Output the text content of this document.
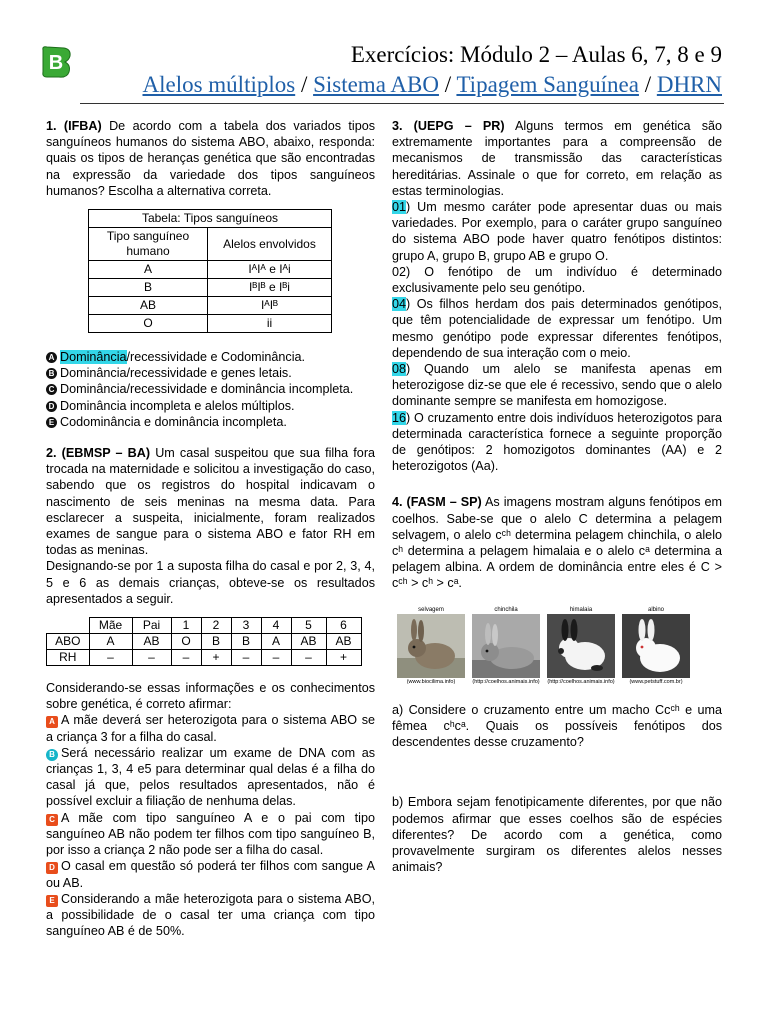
B	Exercícios: Módulo 2 – Aulas 6, 7, 8 e 9
Alelos múltiplos / Sistema ABO / Tipagem Sanguínea / DHRN

1. (IFBA) De acordo com a tabela dos variados tipos sanguíneos humanos do sistema ABO, abaixo, responda: quais os tipos de heranças genética que são encontradas na expressão da variedade dos tipos sanguíneos humanos? Escolha a alternativa correta.

Tabela: Tipos sanguíneos	
Tipo sanguíneo humano	Alelos envolvidos
A	IᴬIᴬ e Iᴬi
B	IᴮIᴮ e Iᴮi
AB	IᴬIᴮ
O	ii

A Dominância/recessividade e Codominância.

B Dominância/recessividade e genes letais.

C Dominância/recessividade e dominância incompleta.

D Dominância incompleta e alelos múltiplos.

E Codominância e dominância incompleta.

2. (EBMSP – BA) Um casal suspeitou que sua filha fora trocada na maternidade e solicitou a investigação do caso, sabendo que os registros do hospital indicavam o nascimento de seis meninas na mesma data. Para esclarecer a suspeita, inicialmente, foram realizados exames de sangue para o sistema ABO e fator RH em todas as meninas.

Designando-se por 1 a suposta filha do casal e por 2, 3, 4, 5 e 6 as demais crianças, obteve-se os resultados apresentados a seguir.

	Mãe	Pai	1	2	3	4	5	6
ABO	A	AB	O	B	B	A	AB	AB
RH	–	–	–	+	–	–	–	+

Considerando-se essas informações e os conhecimentos sobre genética, é correto afirmar:

A A mãe deverá ser heterozigota para o sistema ABO se a criança 3 for a filha do casal.

B Será necessário realizar um exame de DNA com as crianças 1, 3, 4 e5 para determinar qual delas é a filha do casal já que, pelos resultados apresentados, não é possível excluir a filiação de nenhuma delas.

C A mãe com tipo sanguíneo A e o pai com tipo sanguíneo AB não podem ter filhos com tipo sanguíneo B, por isso a criança 2 não pode ser a filha do casal.

D O casal em questão só poderá ter filhos com sangue A ou AB.

E Considerando a mãe heterozigota para o sistema ABO, a possibilidade de o casal ter uma criança com tipo sanguíneo AB é de 50%.

3. (UEPG – PR) Alguns termos em genética são extremamente importantes para a compreensão de mecanismos de transmissão das características hereditárias. Assinale o que for correto, em relação as estas terminologias.

01) Um mesmo caráter pode apresentar duas ou mais variedades. Por exemplo, para o caráter grupo sanguíneo do sistema ABO pode haver quatro fenótipos distintos: grupo A, grupo B, grupo AB e grupo O.

02) O fenótipo de um indivíduo é determinado exclusivamente pelo seu genótipo.

04) Os filhos herdam dos pais determinados genótipos, que têm potencialidade de expressar um fenótipo. Um mesmo genótipo pode expressar diferentes fenótipos, dependendo de sua interação com o meio.

08) Quando um alelo se manifesta apenas em heterozigose diz-se que ele é recessivo, sendo que o alelo dominante sempre se manifesta em homozigose.

16) O cruzamento entre dois indivíduos heterozigotos para determinada característica fornece a seguinte proporção de genótipos: 2 homozigotos dominantes (AA) e 2 heterozigotos (Aa).

4. (FASM – SP) As imagens mostram alguns fenótipos em coelhos. Sabe-se que o alelo C determina a pelagem selvagem, o alelo cᶜʰ determina pelagem chinchila, o alelo cʰ determina a pelagem himalaia e o alelo cᵃ determina a pelagem albina. A ordem de dominância entre eles é C > cᶜʰ > cʰ > cᵃ.

selvagem
(www.biocilima.info)
chinchila
(http://coelhos.animais.info)
himalaia
(http://coelhos.animais.info)
albino
(www.petstuff.com.br)

a) Considere o cruzamento entre um macho Ccᶜʰ e uma fêmea cʰcᵃ. Quais os possíveis fenótipos dos descendentes desse cruzamento?

b) Embora sejam fenotipicamente diferentes, por que não podemos afirmar que esses coelhos são de espécies diferentes? De acordo com a genética, como provavelmente surgiram os diferentes alelos nesses animais?
